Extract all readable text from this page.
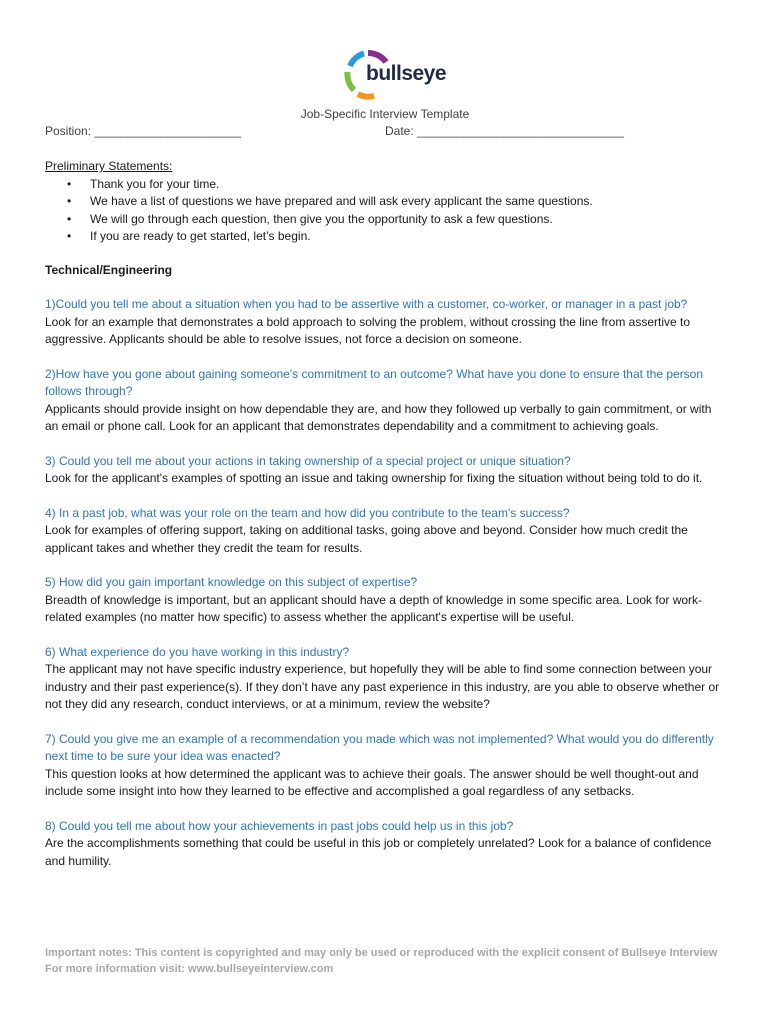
bullseye
Job-Specific Interview Template
Position: ______________________	Date: _______________________________
Preliminary Statements:
• Thank you for your time.
• We have a list of questions we have prepared and will ask every applicant the same questions.
• We will go through each question, then give you the opportunity to ask a few questions.
• If you are ready to get started, let’s begin.
Technical/Engineering
1)Could you tell me about a situation when you had to be assertive with a customer, co-worker, or manager in a past job?
Look for an example that demonstrates a bold approach to solving the problem, without crossing the line from assertive to aggressive. Applicants should be able to resolve issues, not force a decision on someone.
2)How have you gone about gaining someone's commitment to an outcome? What have you done to ensure that the person follows through?
Applicants should provide insight on how dependable they are, and how they followed up verbally to gain commitment, or with an email or phone call. Look for an applicant that demonstrates dependability and a commitment to achieving goals.
3) Could you tell me about your actions in taking ownership of a special project or unique situation?
Look for the applicant's examples of spotting an issue and taking ownership for fixing the situation without being told to do it.
4) In a past job, what was your role on the team and how did you contribute to the team's success?
Look for examples of offering support, taking on additional tasks, going above and beyond. Consider how much credit the applicant takes and whether they credit the team for results.
5) How did you gain important knowledge on this subject of expertise?
Breadth of knowledge is important, but an applicant should have a depth of knowledge in some specific area. Look for work-related examples (no matter how specific) to assess whether the applicant's expertise will be useful.
6) What experience do you have working in this industry?
The applicant may not have specific industry experience, but hopefully they will be able to find some connection between your industry and their past experience(s). If they don’t have any past experience in this industry, are you able to observe whether or not they did any research, conduct interviews, or at a minimum, review the website?
7) Could you give me an example of a recommendation you made which was not implemented? What would you do differently next time to be sure your idea was enacted?
This question looks at how determined the applicant was to achieve their goals. The answer should be well thought-out and include some insight into how they learned to be effective and accomplished a goal regardless of any setbacks.
8) Could you tell me about how your achievements in past jobs could help us in this job?
Are the accomplishments something that could be useful in this job or completely unrelated? Look for a balance of confidence and humility.
Important notes: This content is copyrighted and may only be used or reproduced with the explicit consent of Bullseye Interview
For more information visit: www.bullseyeinterview.com
